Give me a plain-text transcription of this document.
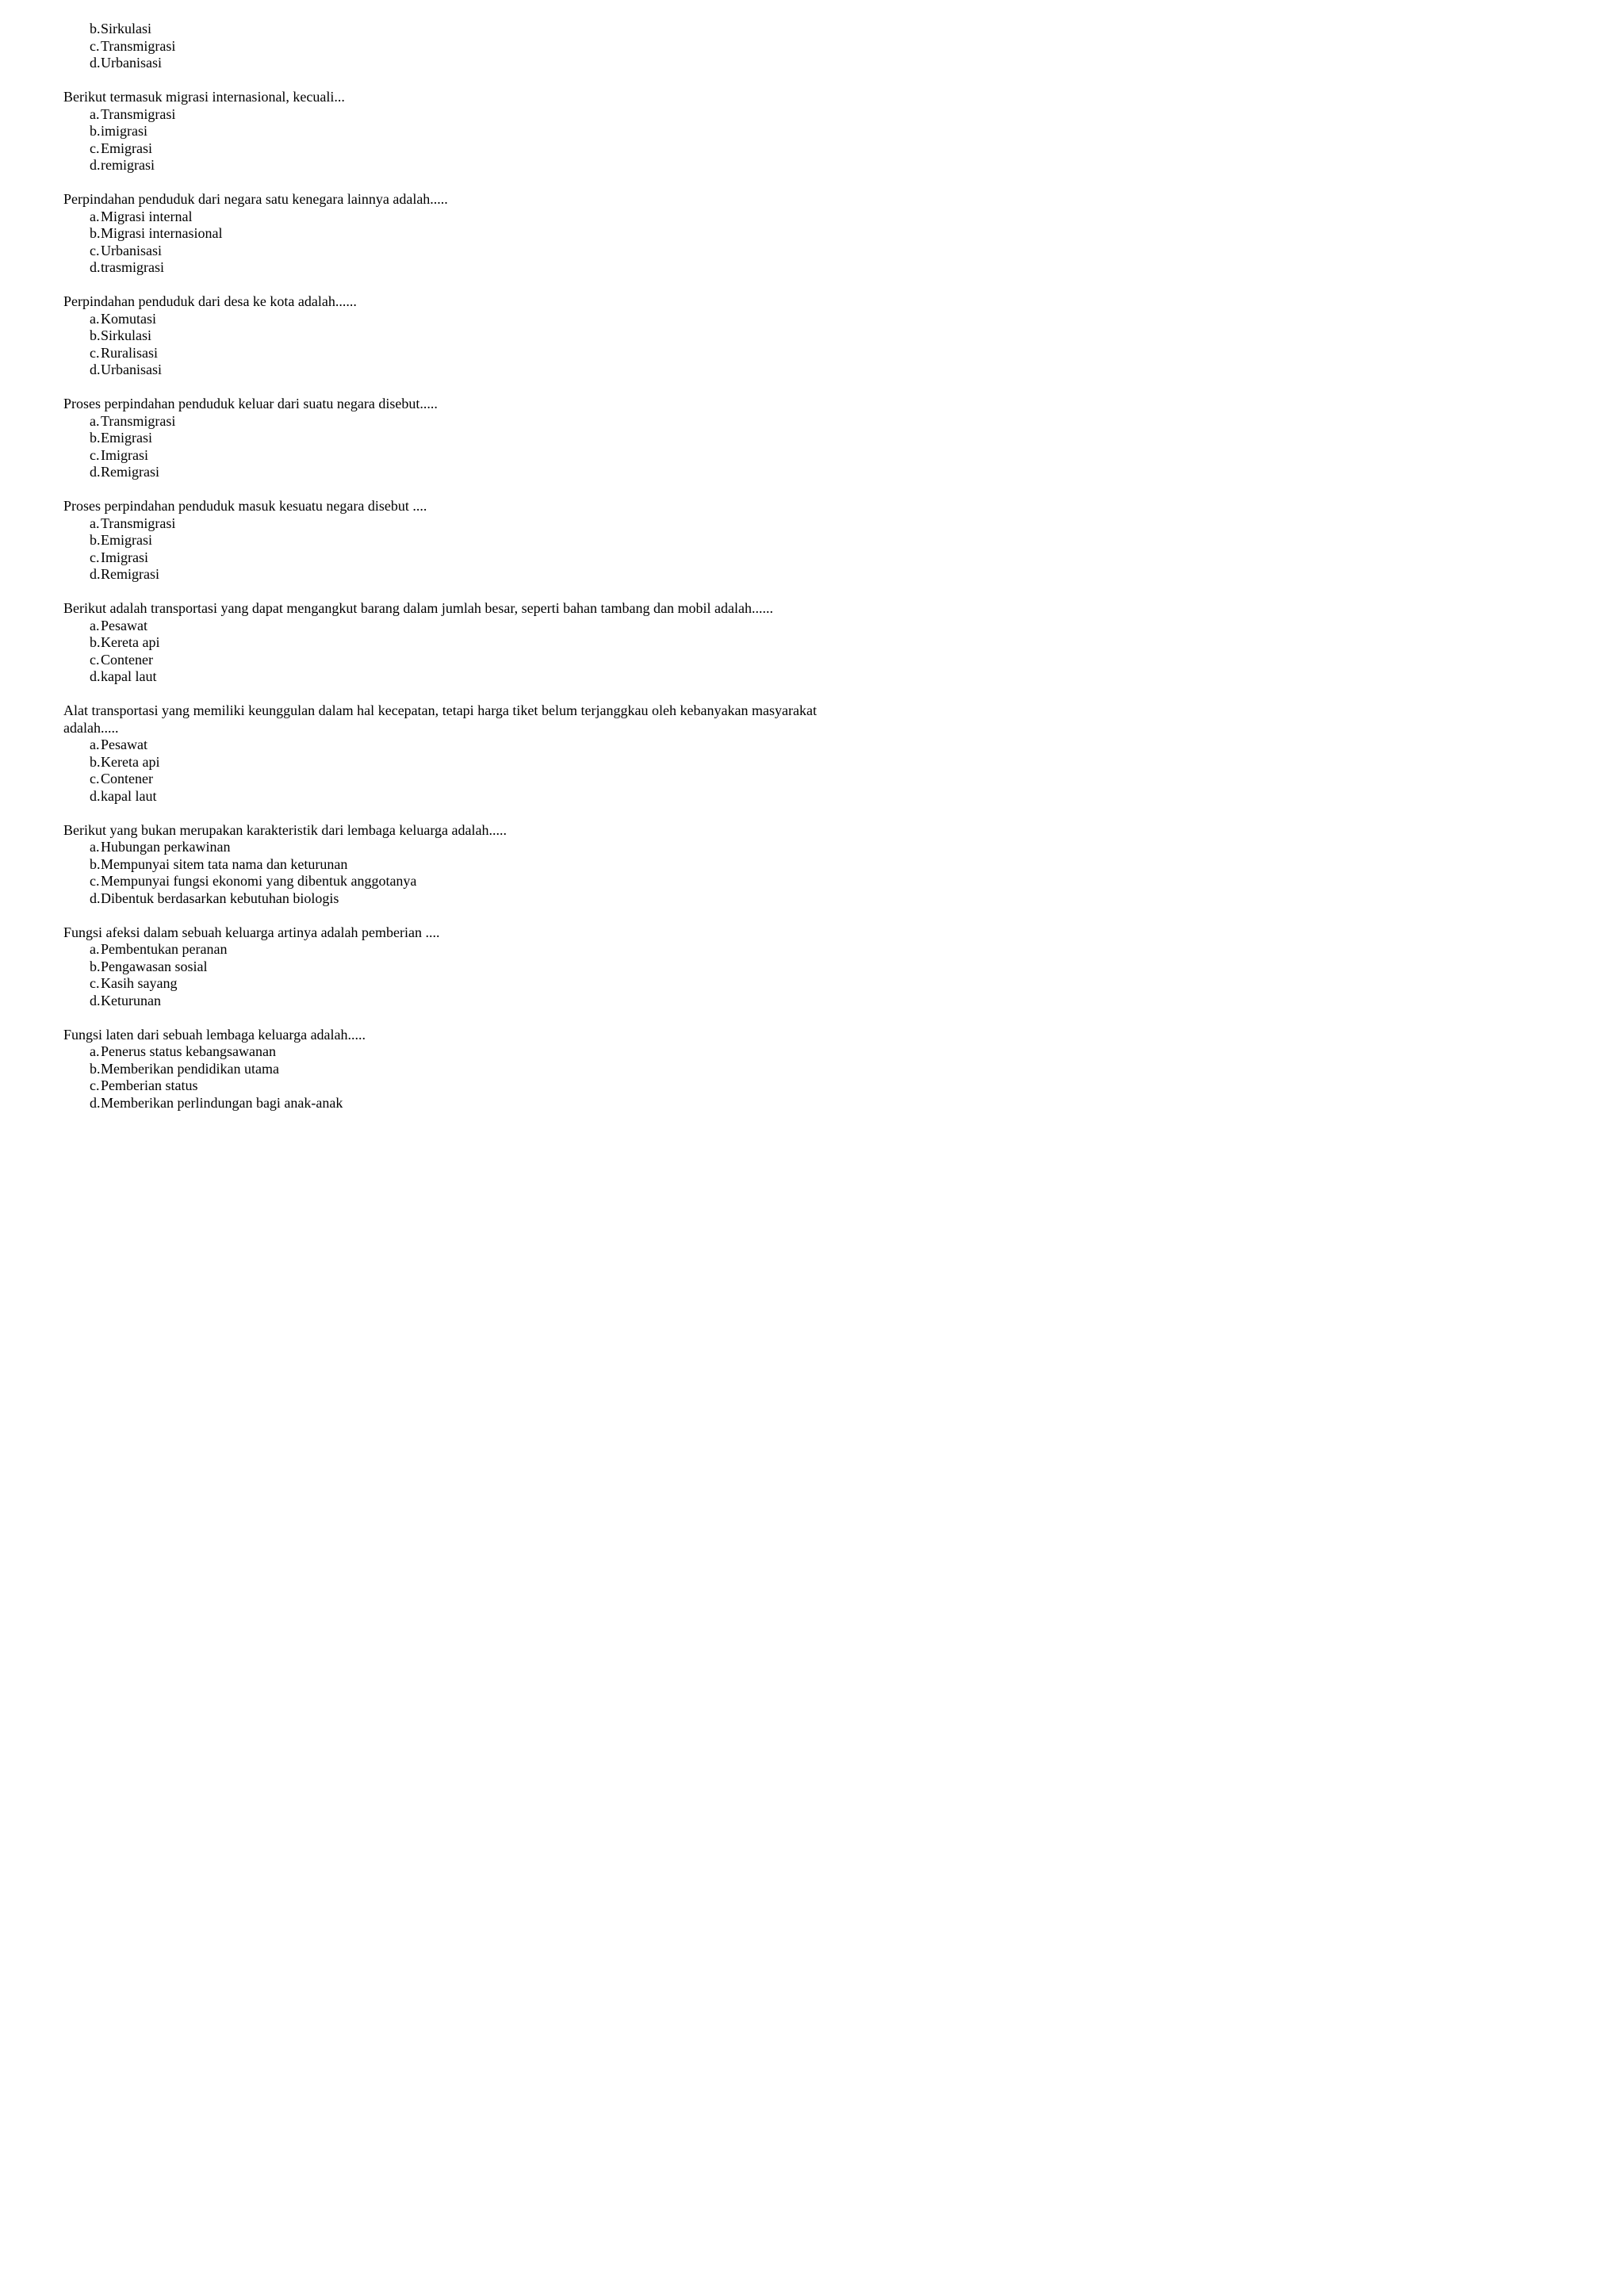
b. Sirkulasi
c. Transmigrasi
d. Urbanisasi
Berikut termasuk migrasi internasional, kecuali...
a. Transmigrasi
b. imigrasi
c. Emigrasi
d. remigrasi
Perpindahan penduduk dari negara satu kenegara lainnya adalah.....
a. Migrasi internal
b. Migrasi internasional
c. Urbanisasi
d. trasmigrasi
Perpindahan penduduk dari desa ke kota adalah......
a. Komutasi
b. Sirkulasi
c. Ruralisasi
d. Urbanisasi
Proses perpindahan penduduk keluar dari suatu negara disebut.....
a. Transmigrasi
b. Emigrasi
c. Imigrasi
d. Remigrasi
Proses perpindahan penduduk masuk kesuatu negara disebut ....
a. Transmigrasi
b. Emigrasi
c. Imigrasi
d. Remigrasi
Berikut adalah transportasi yang dapat mengangkut barang dalam jumlah besar, seperti bahan tambang dan mobil adalah......
a. Pesawat
b. Kereta api
c. Contener
d. kapal laut
Alat transportasi yang memiliki keunggulan dalam hal kecepatan, tetapi harga tiket belum terjanggkau oleh kebanyakan masyarakat adalah.....
a. Pesawat
b. Kereta api
c. Contener
d. kapal laut
Berikut yang bukan merupakan karakteristik dari lembaga keluarga adalah.....
a. Hubungan perkawinan
b. Mempunyai sitem tata nama dan keturunan
c. Mempunyai fungsi ekonomi yang dibentuk anggotanya
d. Dibentuk berdasarkan kebutuhan biologis
Fungsi afeksi dalam sebuah keluarga artinya adalah pemberian ....
a. Pembentukan peranan
b. Pengawasan sosial
c. Kasih sayang
d. Keturunan
Fungsi laten dari sebuah lembaga keluarga adalah.....
a. Penerus status kebangsawanan
b. Memberikan pendidikan utama
c. Pemberian status
d. Memberikan perlindungan bagi anak-anak
